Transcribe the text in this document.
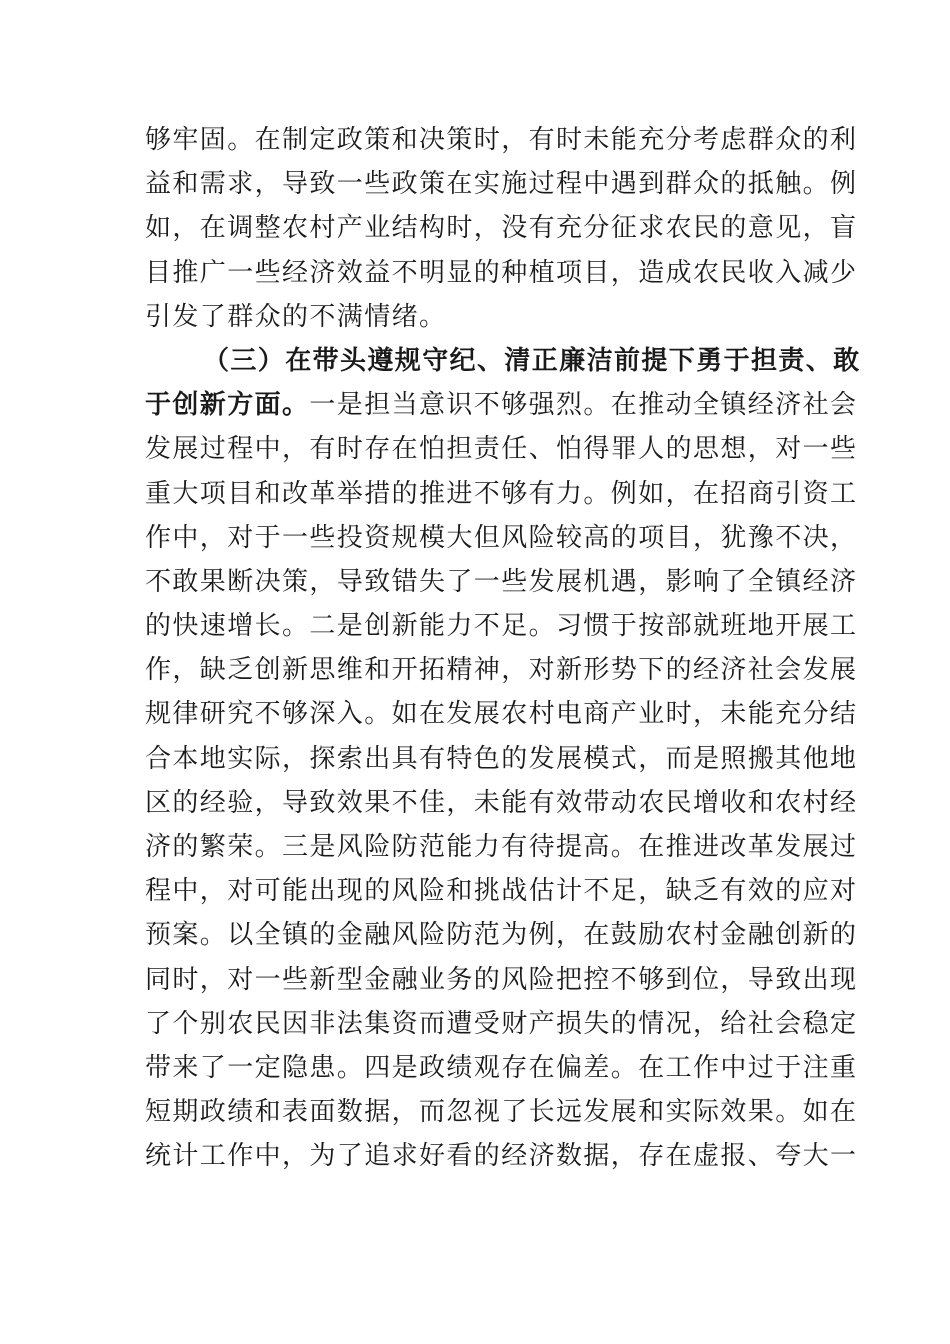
够牢固。在制定政策和决策时，有时未能充分考虑群众的利
益和需求，导致一些政策在实施过程中遇到群众的抵触。例
如，在调整农村产业结构时，没有充分征求农民的意见，盲
目推广一些经济效益不明显的种植项目，造成农民收入减少
引发了群众的不满情绪。
（三）在带头遵规守纪、清正廉洁前提下勇于担责、敢
于创新方面。一是担当意识不够强烈。在推动全镇经济社会
发展过程中，有时存在怕担责任、怕得罪人的思想，对一些
重大项目和改革举措的推进不够有力。例如，在招商引资工
作中，对于一些投资规模大但风险较高的项目，犹豫不决，
不敢果断决策，导致错失了一些发展机遇，影响了全镇经济
的快速增长。二是创新能力不足。习惯于按部就班地开展工
作，缺乏创新思维和开拓精神，对新形势下的经济社会发展
规律研究不够深入。如在发展农村电商产业时，未能充分结
合本地实际，探索出具有特色的发展模式，而是照搬其他地
区的经验，导致效果不佳，未能有效带动农民增收和农村经
济的繁荣。三是风险防范能力有待提高。在推进改革发展过
程中，对可能出现的风险和挑战估计不足，缺乏有效的应对
预案。以全镇的金融风险防范为例，在鼓励农村金融创新的
同时，对一些新型金融业务的风险把控不够到位，导致出现
了个别农民因非法集资而遭受财产损失的情况，给社会稳定
带来了一定隐患。四是政绩观存在偏差。在工作中过于注重
短期政绩和表面数据，而忽视了长远发展和实际效果。如在
统计工作中，为了追求好看的经济数据，存在虚报、夸大一
